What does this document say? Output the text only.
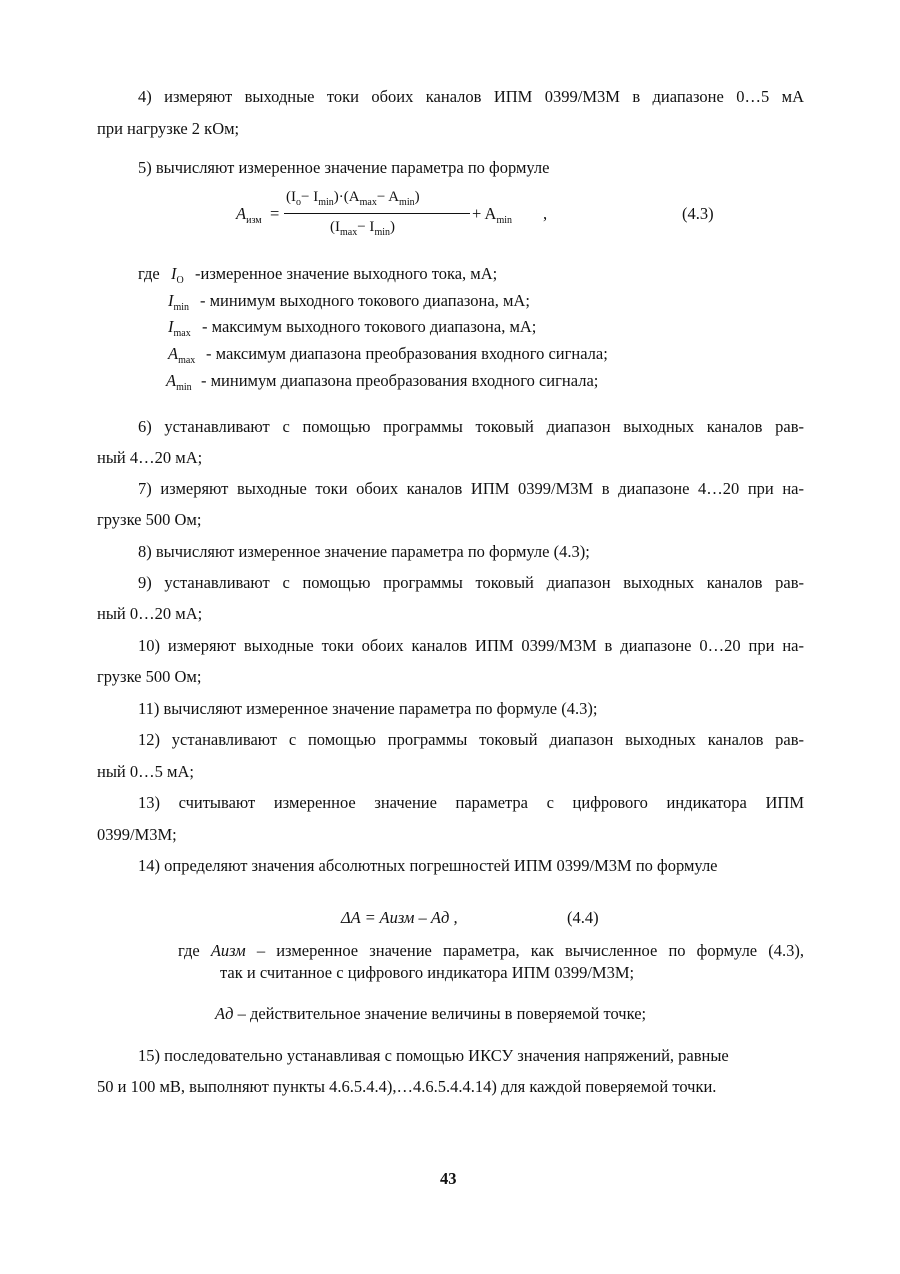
4) измеряют выходные токи обоих каналов ИПМ 0399/М3М в диапазоне 0…5 мА
при нагрузке 2 кОм;
5) вычисляют измеренное значение параметра по формуле
$A_{изм}$ =
$(I_o- I_{min})\cdot(A_{max}- A_{min})$
$(I_{max}- I_{min})$
+ $A_{min}$ ,	(4.3)
где $I_O$ -измеренное значение выходного тока, мА;
$I_{min}$ - минимум выходного токового диапазона, мА;
$I_{max}$ - максимум выходного токового диапазона, мА;
$A_{max}$ - максимум диапазона преобразования входного сигнала;
$A_{min}$ - минимум диапазона преобразования входного сигнала;
6) устанавливают с помощью программы токовый диапазон выходных каналов рав-
ный 4…20 мА;
7) измеряют выходные токи обоих каналов ИПМ 0399/М3М в диапазоне 4…20 при на-
грузке 500 Ом;
8) вычисляют измеренное значение параметра по формуле (4.3);
9) устанавливают с помощью программы токовый диапазон выходных каналов рав-
ный 0…20 мА;
10) измеряют выходные токи обоих каналов ИПМ 0399/М3М в диапазоне 0…20 при на-
грузке 500 Ом;
11) вычисляют измеренное значение параметра по формуле (4.3);
12) устанавливают с помощью программы токовый диапазон выходных каналов рав-
ный 0…5 мА;
13) считывают измеренное значение параметра с цифрового индикатора ИПМ
0399/М3М;
14) определяют значения абсолютных погрешностей ИПМ 0399/М3М по формуле
ΔA = Aизм – Aд ,	(4.4)
где Aизм – измеренное значение параметра, как вычисленное по формуле (4.3),
так и считанное с цифрового индикатора ИПМ 0399/М3М;
Aд – действительное значение величины в поверяемой точке;
15) последовательно устанавливая с помощью ИКСУ значения напряжений, равные
50 и 100 мВ, выполняют пункты 4.6.5.4.4),…4.6.5.4.4.14) для каждой поверяемой точки.
43
